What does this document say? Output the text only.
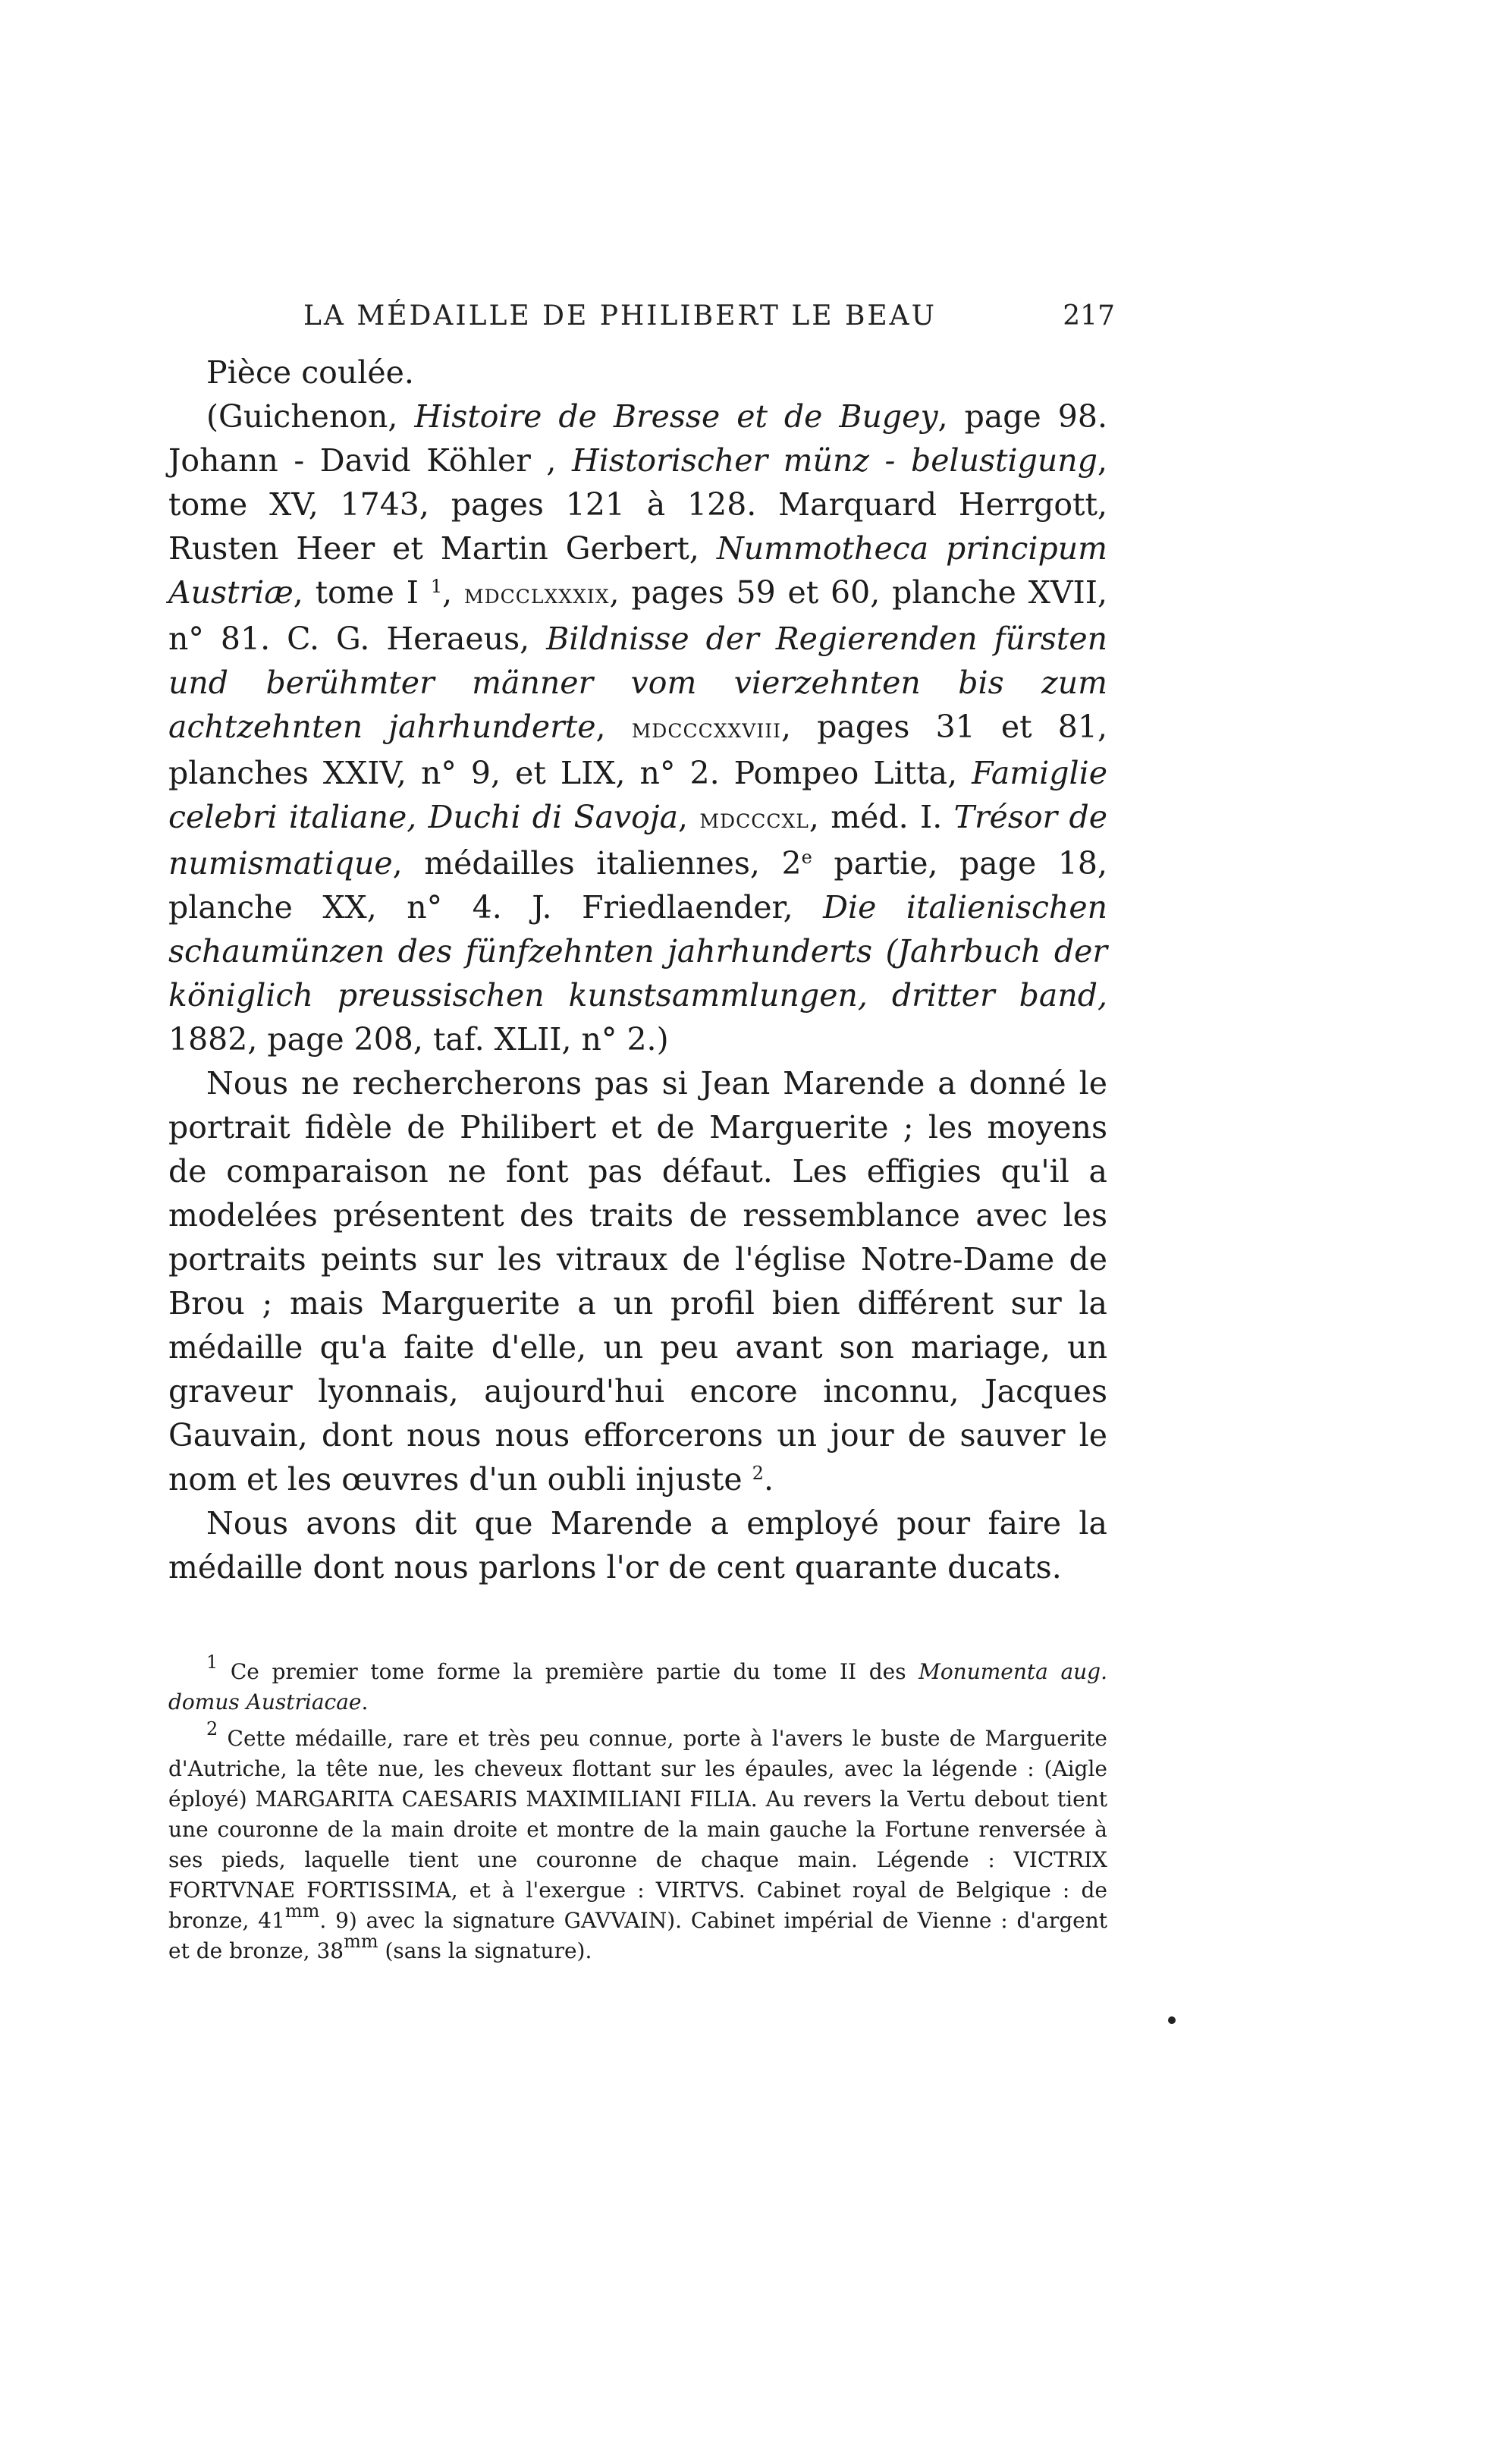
LA MÉDAILLE DE PHILIBERT LE BEAU	217

Pièce coulée.

(Guichenon, Histoire de Bresse et de Bugey, page 98. Johann - David Köhler , Historischer münz - belustigung, tome XV, 1743, pages 121 à 128. Marquard Herrgott, Rusten Heer et Martin Gerbert, Nummotheca principum Austriæ, tome I $^1$, mdcclxxxix, pages 59 et 60, planche XVII, n° 81. C. G. Heraeus, Bildnisse der Regierenden fürsten und berühmter männer vom vierzehnten bis zum achtzehnten jahrhunderte, mdcccxxviii, pages 31 et 81, planches XXIV, n° 9, et LIX, n° 2. Pompeo Litta, Famiglie celebri italiane, Duchi di Savoja, mdcccxl, méd. I. Trésor de numismatique, médailles italiennes, 2e partie, page 18, planche XX, n° 4. J. Friedlaender, Die italienischen schaumünzen des fünfzehnten jahrhunderts (Jahrbuch der königlich preussischen kunstsammlungen, dritter band, 1882, page 208, taf. XLII, n° 2.)

Nous ne rechercherons pas si Jean Marende a donné le portrait fidèle de Philibert et de Marguerite ; les moyens de comparaison ne font pas défaut. Les effigies qu'il a modelées présentent des traits de ressemblance avec les portraits peints sur les vitraux de l'église Notre-Dame de Brou ; mais Marguerite a un profil bien différent sur la médaille qu'a faite d'elle, un peu avant son mariage, un graveur lyonnais, aujourd'hui encore inconnu, Jacques Gauvain, dont nous nous efforcerons un jour de sauver le nom et les œuvres d'un oubli injuste $^2$.

Nous avons dit que Marende a employé pour faire la médaille dont nous parlons l'or de cent quarante ducats.

$^1$ Ce premier tome forme la première partie du tome II des Monumenta aug. domus Austriacae.

$^2$ Cette médaille, rare et très peu connue, porte à l'avers le buste de Marguerite d'Autriche, la tête nue, les cheveux flottant sur les épaules, avec la légende : (Aigle éployé) MARGARITA CAESARIS MAXIMILIANI FILIA. Au revers la Vertu debout tient une couronne de la main droite et montre de la main gauche la Fortune renversée à ses pieds, laquelle tient une couronne de chaque main. Légende : VICTRIX FORTVNAE FORTISSIMA, et à l'exergue : VIRTVS. Cabinet royal de Belgique : de bronze, $41^{mm}$. 9) avec la signature GAVVAIN). Cabinet impérial de Vienne : d'argent et de bronze, $38^{mm}$ (sans la signature).
